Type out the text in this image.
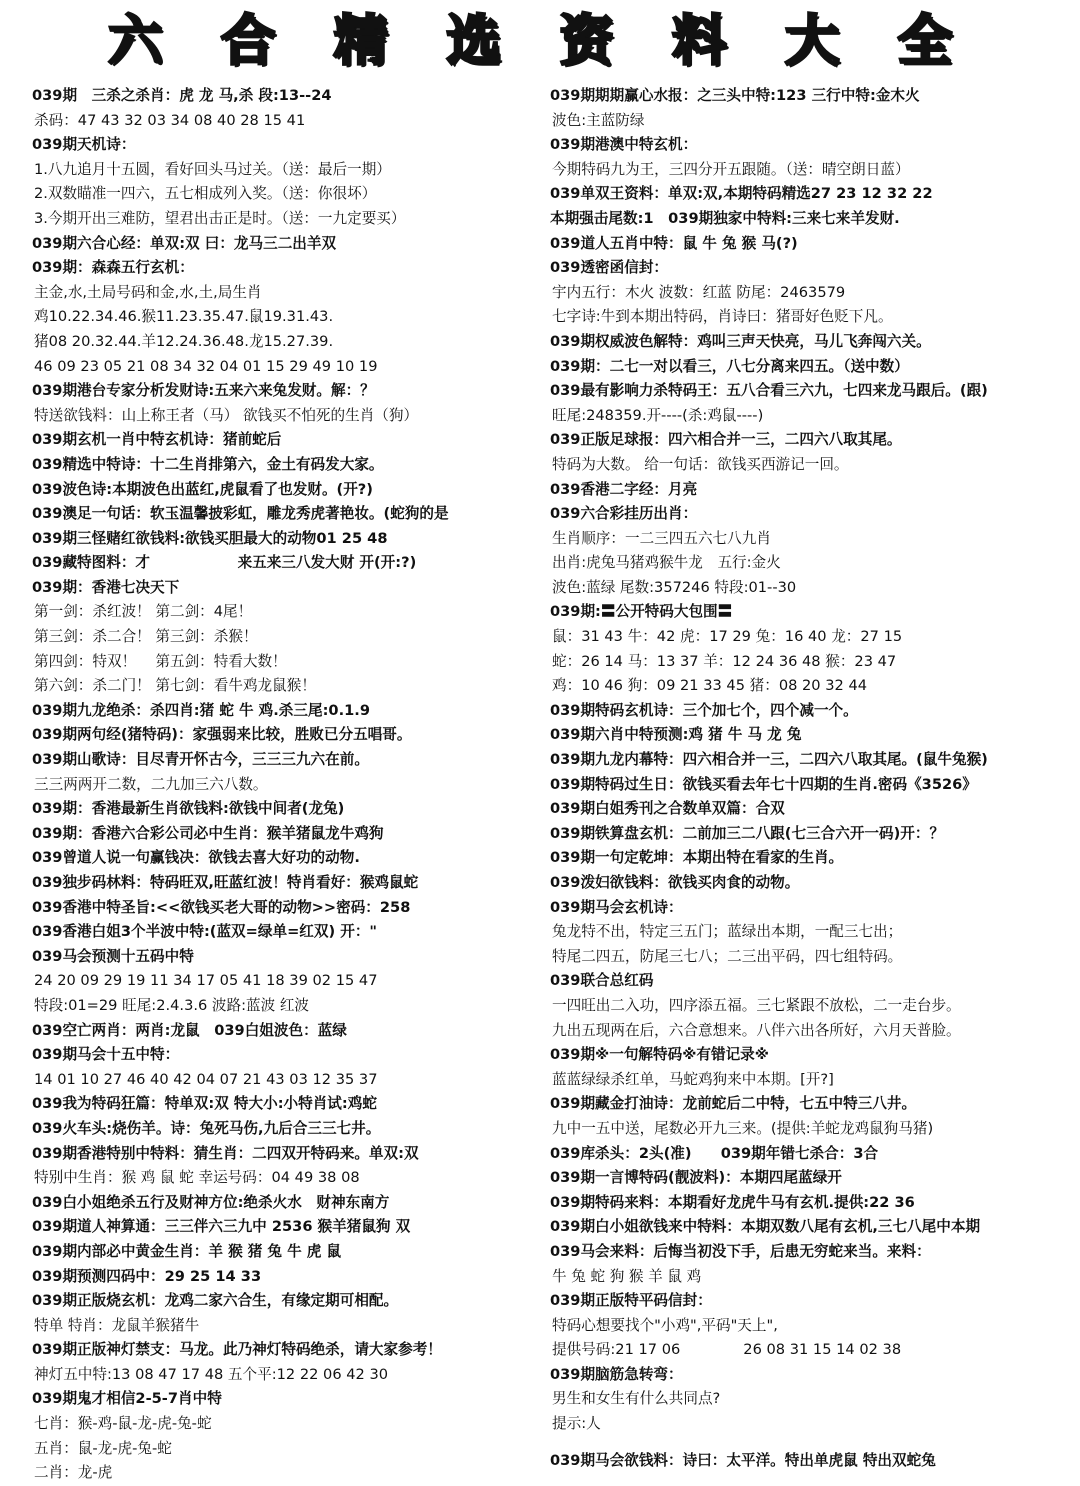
六 合 精 选 资 料 大 全
039期　三杀之杀肖：虎 龙 马,杀 段:13--24
杀码：47 43 32 03 34 08 40 28 15 41
039期天机诗：
1.八九追月十五圆，看好回头马过关。（送：最后一期）
2.双数瞄准一四六，五七相成列入奖。（送：你很坏）
3.今期开出三难防，望君出击正是时。（送：一九定要买）
039期六合心经：单双:双 曰：龙马三二出羊双
039期：森森五行玄机：
主金,水,土局号码和金,水,土,局生肖
鸡10.22.34.46.猴11.23.35.47.鼠19.31.43.
猪08 20.32.44.羊12.24.36.48.龙15.27.39.
46 09 23 05 21 08 34 32 04 01 15 29 49 10 19
039期港台专家分析发财诗:五来六来兔发财。解：？
特送欲钱料：山上称王者（马） 欲钱买不怕死的生肖（狗）
039期玄机一肖中特玄机诗：猪前蛇后
039精选中特诗：十二生肖排第六，金土有码发大家。
039波色诗:本期波色出蓝红,虎鼠看了也发财。(开?)
039澳足一句话：软玉温馨披彩虹，雕龙秀虎著艳妆。(蛇狗的是
039期三怪赌红欲钱料:欲钱买胆最大的动物01 25 48
039藏特图料：才　　　　　　来五来三八发大财 开(开:?)
039期：香港七决天下
第一剑：杀红波！ 第二剑：4尾！
第三剑：杀二合！ 第三剑：杀猴！
第四剑：特双！　 第五剑：特看大数！
第六剑：杀二门！ 第七剑：看牛鸡龙鼠猴！
039期九龙绝杀：杀四肖:猪 蛇 牛 鸡.杀三尾:0.1.9
039期两句经(猪特码)：家强弱来比较，胜败已分五唱哥。
039期山歌诗：目尽青开怀古今，三三三九六在前。
三三两两开二数，二九加三六八数。
039期：香港最新生肖欲钱料:欲钱中间者(龙兔)
039期：香港六合彩公司必中生肖：猴羊猪鼠龙牛鸡狗
039曾道人说一句赢钱决：欲钱去喜大好功的动物.
039独步码林料：特码旺双,旺蓝红波！特肖看好：猴鸡鼠蛇
039香港中特圣旨:<<欲钱买老大哥的动物>>密码：258
039香港白姐3个半波中特:(蓝双=绿单=红双) 开："
039马会预测十五码中特
24 20 09 29 19 11 34 17 05 41 18 39 02 15 47
特段:01=29 旺尾:2.4.3.6 波路:蓝波 红波
039空亡两肖：两肖:龙鼠　039白姐波色：蓝绿
039期马会十五中特：
14 01 10 27 46 40 42 04 07 21 43 03 12 35 37
039我为特码狂篇：特单双:双 特大小:小特肖试:鸡蛇
039火车头:烧伤羊。诗：兔死马伤,九后合三三七井。
039期香港特别中特料：猜生肖：二四双开特码来。单双:双
特别中生肖：猴 鸡 鼠 蛇 幸运号码：04 49 38 08
039白小姐绝杀五行及财神方位:绝杀火水　财神东南方
039期道人神算通：三三伴六三九中 2536 猴羊猪鼠狗 双
039期内部必中黄金生肖：羊 猴 猪 兔 牛 虎 鼠
039期预测四码中：29 25 14 33
039期正版烧玄机：龙鸡二家六合生，有缘定期可相配。
特单 特肖：龙鼠羊猴猪牛
039期正版神灯禁支：马龙。此乃神灯特码绝杀，请大家参考！
神灯五中特:13 08 47 17 48 五个平:12 22 06 42 30
039期鬼才相信2-5-7肖中特
七肖：猴-鸡-鼠-龙-虎-兔-蛇
五肖：鼠-龙-虎-兔-蛇
二肖：龙-虎
039期期期赢心水报：之三头中特:123 三行中特:金木火
波色:主蓝防绿
039期港澳中特玄机：
今期特码九为王，三四分开五跟随。（送：晴空朗日蓝）
039单双王资料：单双:双,本期特码精选27 23 12 32 22
本期强击尾数:1　039期独家中特料:三来七来羊发财.
039道人五肖中特：鼠 牛 兔 猴 马(?)
039透密函信封：
宇内五行：木火 波数：红蓝 防尾：2463579
七字诗:牛到本期出特码，肖诗曰：猪哥好色贬下凡。
039期权威波色解特：鸡叫三声天快亮，马儿飞奔闯六关。
039期：二七一对以看三，八七分离来四五。（送中数）
039最有影响力杀特码王：五八合看三六九，七四来龙马跟后。(跟)
旺尾:248359.开----(杀:鸡鼠----)
039正版足球报：四六相合并一三，二四六八取其尾。
特码为大数。 给一句话：欲钱买西游记一回。
039香港二字经：月亮
039六合彩挂历出肖：
生肖顺序：一二三四五六七八九肖
出肖:虎兔马猪鸡猴牛龙　五行:金火
波色:蓝绿 尾数:357246 特段:01--30
039期:〓公开特码大包围〓
鼠：31 43 牛：42 虎：17 29 兔：16 40 龙：27 15
蛇：26 14 马：13 37 羊：12 24 36 48 猴：23 47
鸡：10 46 狗：09 21 33 45 猪：08 20 32 44
039期特码玄机诗：三个加七个，四个减一个。
039期六肖中特预测:鸡 猪 牛 马 龙 兔
039期九龙内幕特：四六相合并一三，二四六八取其尾。(鼠牛兔猴)
039期特码过生日：欲钱买看去年七十四期的生肖.密码《3526》
039期白姐秀刊之合数单双篇：合双
039期铁算盘玄机：二前加三二八跟(七三合六开一码)开：？
039期一句定乾坤：本期出特在看家的生肖。
039泼妇欲钱料：欲钱买肉食的动物。
039期马会玄机诗：
兔龙特不出，特定三五门；蓝绿出本期，一配三七出；
特尾二四五，防尾三七八；二三出平码，四七组特码。
039联合总红码
一四旺出二入功，四序添五福。三七紧跟不放松，二一走台步。
九出五现两在后，六合意想来。八伴六出各所好，六月天普脸。
039期※一句解特码※有错记录※
蓝蓝绿绿杀红单，马蛇鸡狗来中本期。[开?]
039期藏金打油诗：龙前蛇后二中特，七五中特三八井。
九中一五中送，尾数必开九三来。(提供:羊蛇龙鸡鼠狗马猪)
039库杀头：2头(准)　　039期年错七杀合：3合
039期一言博特码(靓波料)：本期四尾蓝绿开
039期特码来料：本期看好龙虎牛马有玄机.提供:22 36
039期白小姐欲钱来中特料：本期双数八尾有玄机,三七八尾中本期
039马会来料：后悔当初没下手，后患无穷蛇来当。来料：
牛 兔 蛇 狗 猴 羊 鼠 鸡
039期正版特平码信封：
特码心想要找个"小鸡",平码"天上",
提供号码:21 17 06　　　　 26 08 31 15 14 02 38
039期脑筋急转弯：
男生和女生有什么共同点?
提示:人
039期马会欲钱料：诗曰：太平洋。特出单虎鼠 特出双蛇兔
